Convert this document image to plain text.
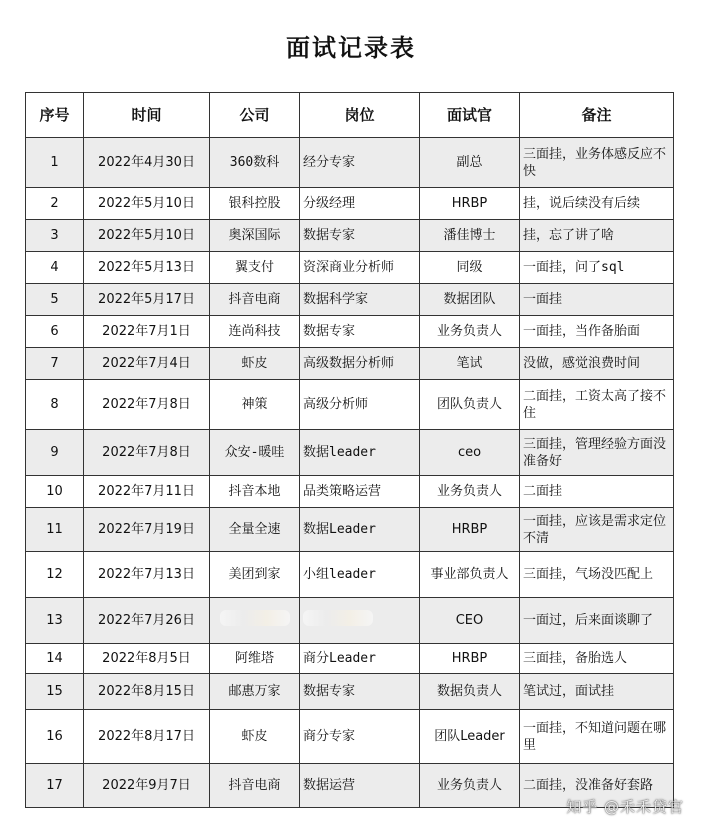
面试记录表
序号	时间	公司	岗位	面试官	备注
1	2022年4月30日	360数科	经分专家	副总	三面挂，业务体感反应不快
2	2022年5月10日	银科控股	分级经理	HRBP	挂，说后续没有后续
3	2022年5月10日	奥深国际	数据专家	潘佳博士	挂，忘了讲了啥
4	2022年5月13日	翼支付	资深商业分析师	同级	一面挂，问了sql
5	2022年5月17日	抖音电商	数据科学家	数据团队	一面挂
6	2022年7月1日	连尚科技	数据专家	业务负责人	一面挂，当作备胎面
7	2022年7月4日	虾皮	高级数据分析师	笔试	没做，感觉浪费时间
8	2022年7月8日	神策	高级分析师	团队负责人	二面挂，工资太高了接不住
9	2022年7月8日	众安-暖哇	数据leader	ceo	三面挂，管理经验方面没准备好
10	2022年7月11日	抖音本地	品类策略运营	业务负责人	二面挂
11	2022年7月19日	全量全速	数据Leader	HRBP	一面挂，应该是需求定位不清
12	2022年7月13日	美团到家	小组leader	事业部负责人	三面挂，气场没匹配上
13	2022年7月26日			CEO	一面过，后来面谈聊了
14	2022年8月5日	阿维塔	商分Leader	HRBP	三面挂，备胎选人
15	2022年8月15日	邮惠万家	数据专家	数据负责人	笔试过，面试挂
16	2022年8月17日	虾皮	商分专家	团队Leader	一面挂，不知道问题在哪里
17	2022年9月7日	抖音电商	数据运营	业务负责人	二面挂，没准备好套路
知乎 @禾禾贷官
